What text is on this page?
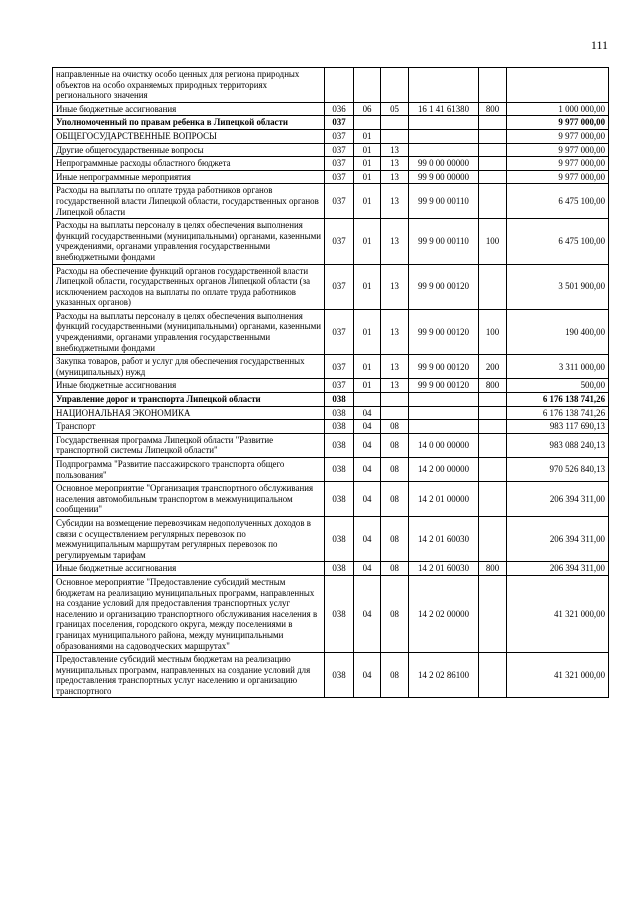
111
направленные на очистку особо ценных для региона природных объектов на особо охраняемых природных территориях регионального значения						
Иные бюджетные ассигнования	036	06	05	16 1 41 61380	800	1 000 000,00
Уполномоченный по правам ребенка в Липецкой области	037					9 977 000,00
ОБЩЕГОСУДАРСТВЕННЫЕ ВОПРОСЫ	037	01				9 977 000,00
Другие общегосударственные вопросы	037	01	13			9 977 000,00
Непрограммные расходы областного бюджета	037	01	13	99 0 00 00000		9 977 000,00
Иные непрограммные мероприятия	037	01	13	99 9 00 00000		9 977 000,00
Расходы на выплаты по оплате труда работников органов государственной власти Липецкой области, государственных органов Липецкой области	037	01	13	99 9 00 00110		6 475 100,00
Расходы на выплаты персоналу в целях обеспечения выполнения функций государственными (муниципальными) органами, казенными учреждениями, органами управления государственными внебюджетными фондами	037	01	13	99 9 00 00110	100	6 475 100,00
Расходы на обеспечение функций органов государственной власти Липецкой области, государственных органов Липецкой области (за исключением расходов на выплаты по оплате труда работников указанных органов)	037	01	13	99 9 00 00120		3 501 900,00
Расходы на выплаты персоналу в целях обеспечения выполнения функций государственными (муниципальными) органами, казенными учреждениями, органами управления государственными внебюджетными фондами	037	01	13	99 9 00 00120	100	190 400,00
Закупка товаров, работ и услуг для обеспечения государственных (муниципальных) нужд	037	01	13	99 9 00 00120	200	3 311 000,00
Иные бюджетные ассигнования	037	01	13	99 9 00 00120	800	500,00
Управление дорог и транспорта Липецкой области	038					6 176 138 741,26
НАЦИОНАЛЬНАЯ ЭКОНОМИКА	038	04				6 176 138 741,26
Транспорт	038	04	08			983 117 690,13
Государственная программа Липецкой области "Развитие транспортной системы Липецкой области"	038	04	08	14 0 00 00000		983 088 240,13
Подпрограмма "Развитие пассажирского транспорта общего пользования"	038	04	08	14 2 00 00000		970 526 840,13
Основное мероприятие "Организация транспортного обслуживания населения автомобильным транспортом в межмуниципальном сообщении"	038	04	08	14 2 01 00000		206 394 311,00
Субсидии на возмещение перевозчикам недополученных доходов в связи с осуществлением регулярных перевозок по межмуниципальным маршрутам регулярных перевозок по регулируемым тарифам	038	04	08	14 2 01 60030		206 394 311,00
Иные бюджетные ассигнования	038	04	08	14 2 01 60030	800	206 394 311,00
Основное мероприятие "Предоставление субсидий местным бюджетам на реализацию муниципальных программ, направленных на создание условий для предоставления транспортных услуг населению и организацию транспортного обслуживания населения в границах поселения, городского округа, между поселениями в границах муниципального района, между муниципальными образованиями на садоводческих маршрутах"	038	04	08	14 2 02 00000		41 321 000,00
Предоставление субсидий местным бюджетам на реализацию муниципальных программ, направленных на создание условий для предоставления транспортных услуг населению и организацию транспортного	038	04	08	14 2 02 86100		41 321 000,00
